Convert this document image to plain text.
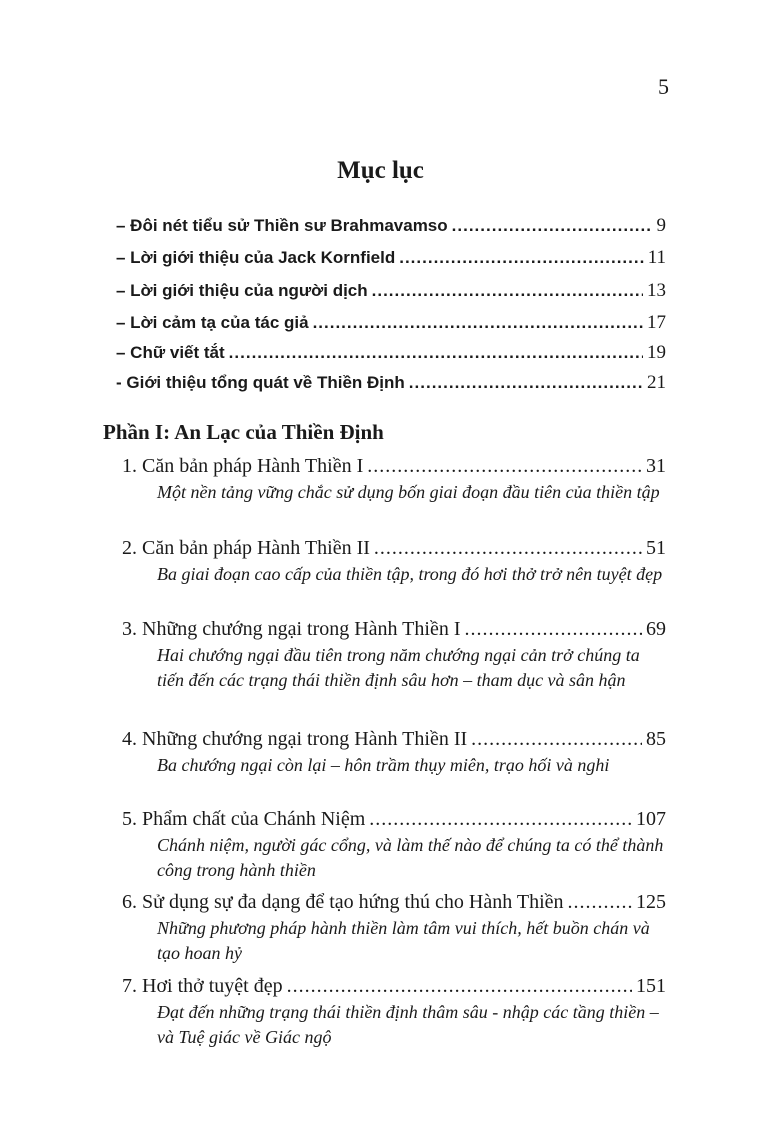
5
Mục lục
– Đôi nét tiểu sử Thiền sư Brahmavamso .....	9
– Lời giới thiệu của Jack Kornfield .....	11
– Lời giới thiệu của người dịch .....	13
– Lời cảm tạ của tác giả .....	17
– Chữ viết tắt .....	19
- Giới thiệu tổng quát về Thiền Định .....	21
Phần I: An Lạc của Thiền Định
1. Căn bản pháp Hành Thiền I .....	31
Một nền tảng vững chắc sử dụng bốn giai đoạn đầu tiên của thiền tập
2. Căn bản pháp Hành Thiền II .....	51
Ba giai đoạn cao cấp của thiền tập, trong đó hơi thở trở nên tuyệt đẹp
3. Những chướng ngại trong Hành Thiền I .....	69
Hai chướng ngại đầu tiên trong năm chướng ngại cản trở chúng ta tiến đến các trạng thái thiền định sâu hơn – tham dục và sân hận
4. Những chướng ngại trong Hành Thiền II .....	85
Ba chướng ngại còn lại – hôn trầm thụy miên, trạo hối và nghi
5. Phẩm chất của Chánh Niệm .....	107
Chánh niệm, người gác cổng, và làm thế nào để chúng ta có thể thành công trong hành thiền
6. Sử dụng sự đa dạng để tạo hứng thú cho Hành Thiền .....	125
Những phương pháp hành thiền làm tâm vui thích, hết buồn chán và tạo hoan hỷ
7. Hơi thở tuyệt đẹp .....	151
Đạt đến những trạng thái thiền định thâm sâu - nhập các tầng thiền – và Tuệ giác về Giác ngộ
